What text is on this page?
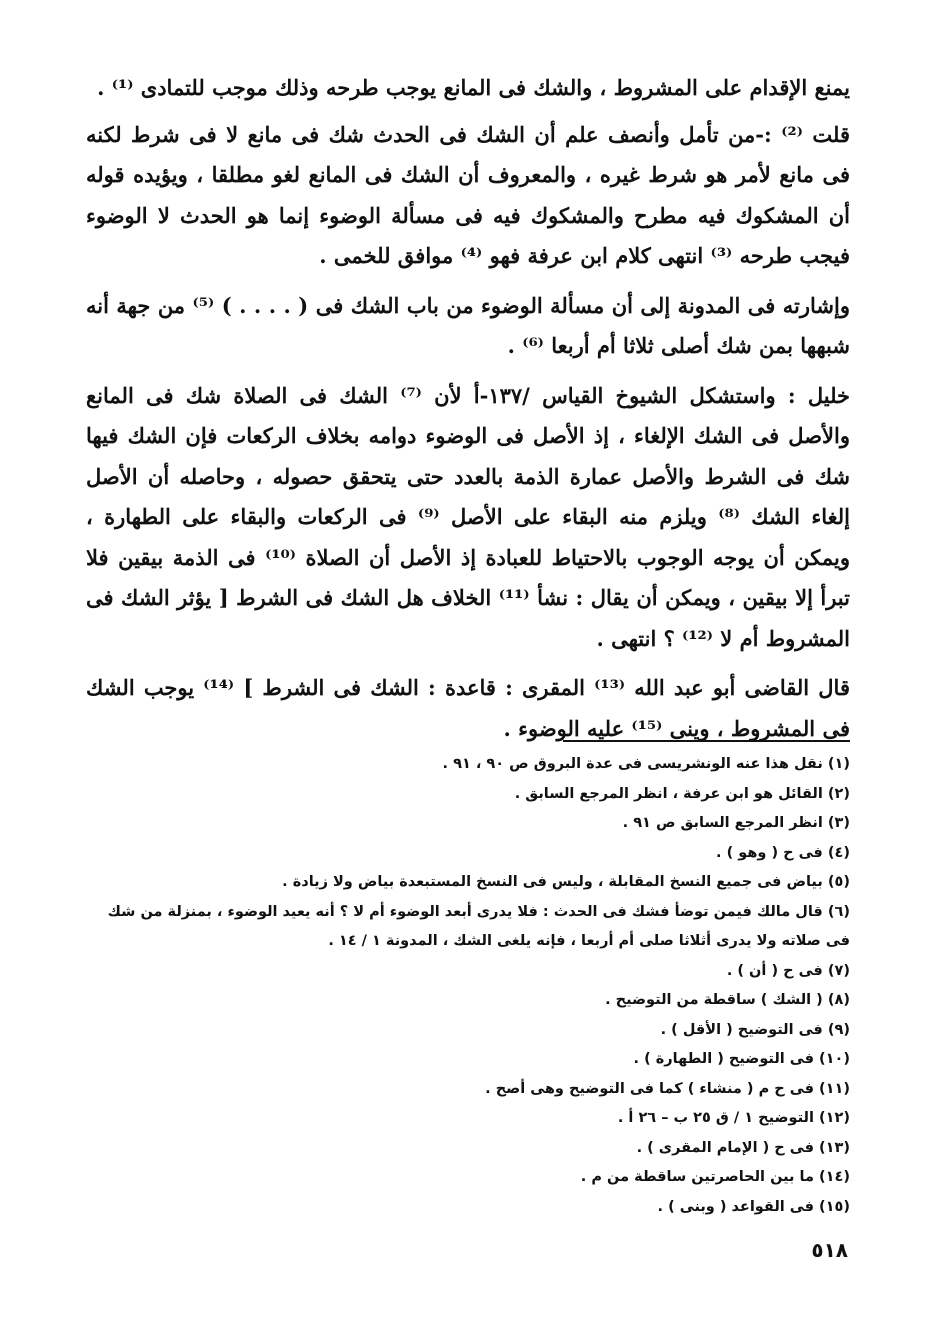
يمنع الإقدام على المشروط ، والشك فى المانع يوجب طرحه وذلك موجب للتمادى ⁽¹⁾ .

قلت ⁽²⁾ :-من تأمل وأنصف علم أن الشك فى الحدث شك فى مانع لا فى شرط لكنه فى مانع لأمر هو شرط غيره ، والمعروف أن الشك فى المانع لغو مطلقا ، ويؤيده قوله أن المشكوك فيه مطرح والمشكوك فيه فى مسألة الوضوء إنما هو الحدث لا الوضوء فيجب طرحه ⁽³⁾ انتهى كلام ابن عرفة فهو ⁽⁴⁾ موافق للخمى .

وإشارته فى المدونة إلى أن مسألة الوضوء من باب الشك فى ( . . . . ) ⁽⁵⁾ من جهة أنه شبهها بمن شك أصلى ثلاثا أم أربعا ⁽⁶⁾ .

خليل : واستشكل الشيوخ القياس /١٣٧-أ لأن ⁽⁷⁾ الشك فى الصلاة شك فى المانع والأصل فى الشك الإلغاء ، إذ الأصل فى الوضوء دوامه بخلاف الركعات فإن الشك فيها شك فى الشرط والأصل عمارة الذمة بالعدد حتى يتحقق حصوله ، وحاصله أن الأصل إلغاء الشك ⁽⁸⁾ ويلزم منه البقاء على الأصل ⁽⁹⁾ فى الركعات والبقاء على الطهارة ، ويمكن أن يوجه الوجوب بالاحتياط للعبادة إذ الأصل أن الصلاة ⁽¹⁰⁾ فى الذمة بيقين فلا تبرأ إلا بيقين ، ويمكن أن يقال : نشأ ⁽¹¹⁾ الخلاف هل الشك فى الشرط [ يؤثر الشك فى المشروط أم لا ⁽¹²⁾ ؟ انتهى .

قال القاضى أبو عبد الله ⁽¹³⁾ المقرى : قاعدة : الشك فى الشرط ] ⁽¹⁴⁾ يوجب الشك فى المشروط ، وينى ⁽¹⁵⁾ عليه الوضوء .

(١) نقل هذا عنه الونشريسى فى عدة البروق ص ٩٠ ، ٩١ .

(٢) القائل هو ابن عرفة ، انظر المرجع السابق .

(٣) انظر المرجع السابق ص ٩١ .

(٤) فى ح ( وهو ) .

(٥) بياض فى جميع النسخ المقابلة ، وليس فى النسخ المستبعدة بياض ولا زيادة .

(٦) قال مالك فيمن توضأ فشك فى الحدث : فلا يدرى أبعد الوضوء أم لا ؟ أنه يعيد الوضوء ، بمنزلة من شك فى صلاته ولا يدرى أثلاثا صلى أم أربعا ، فإنه يلغى الشك ، المدونة ١ / ١٤ .

(٧) فى ح ( أن ) .

(٨) ( الشك ) ساقطة من التوضيح .

(٩) فى التوضيح ( الأقل ) .

(١٠) فى التوضيح ( الطهارة ) .

(١١) فى ح م ( منشاء ) كما فى التوضيح وهى أصح .

(١٢) التوضيح ١ / ق ٢٥ ب – ٢٦ أ .

(١٣) فى ح ( الإمام المقرى ) .

(١٤) ما بين الحاصرتين ساقطة من م .

(١٥) فى القواعد ( وبنى ) .

٥١٨
